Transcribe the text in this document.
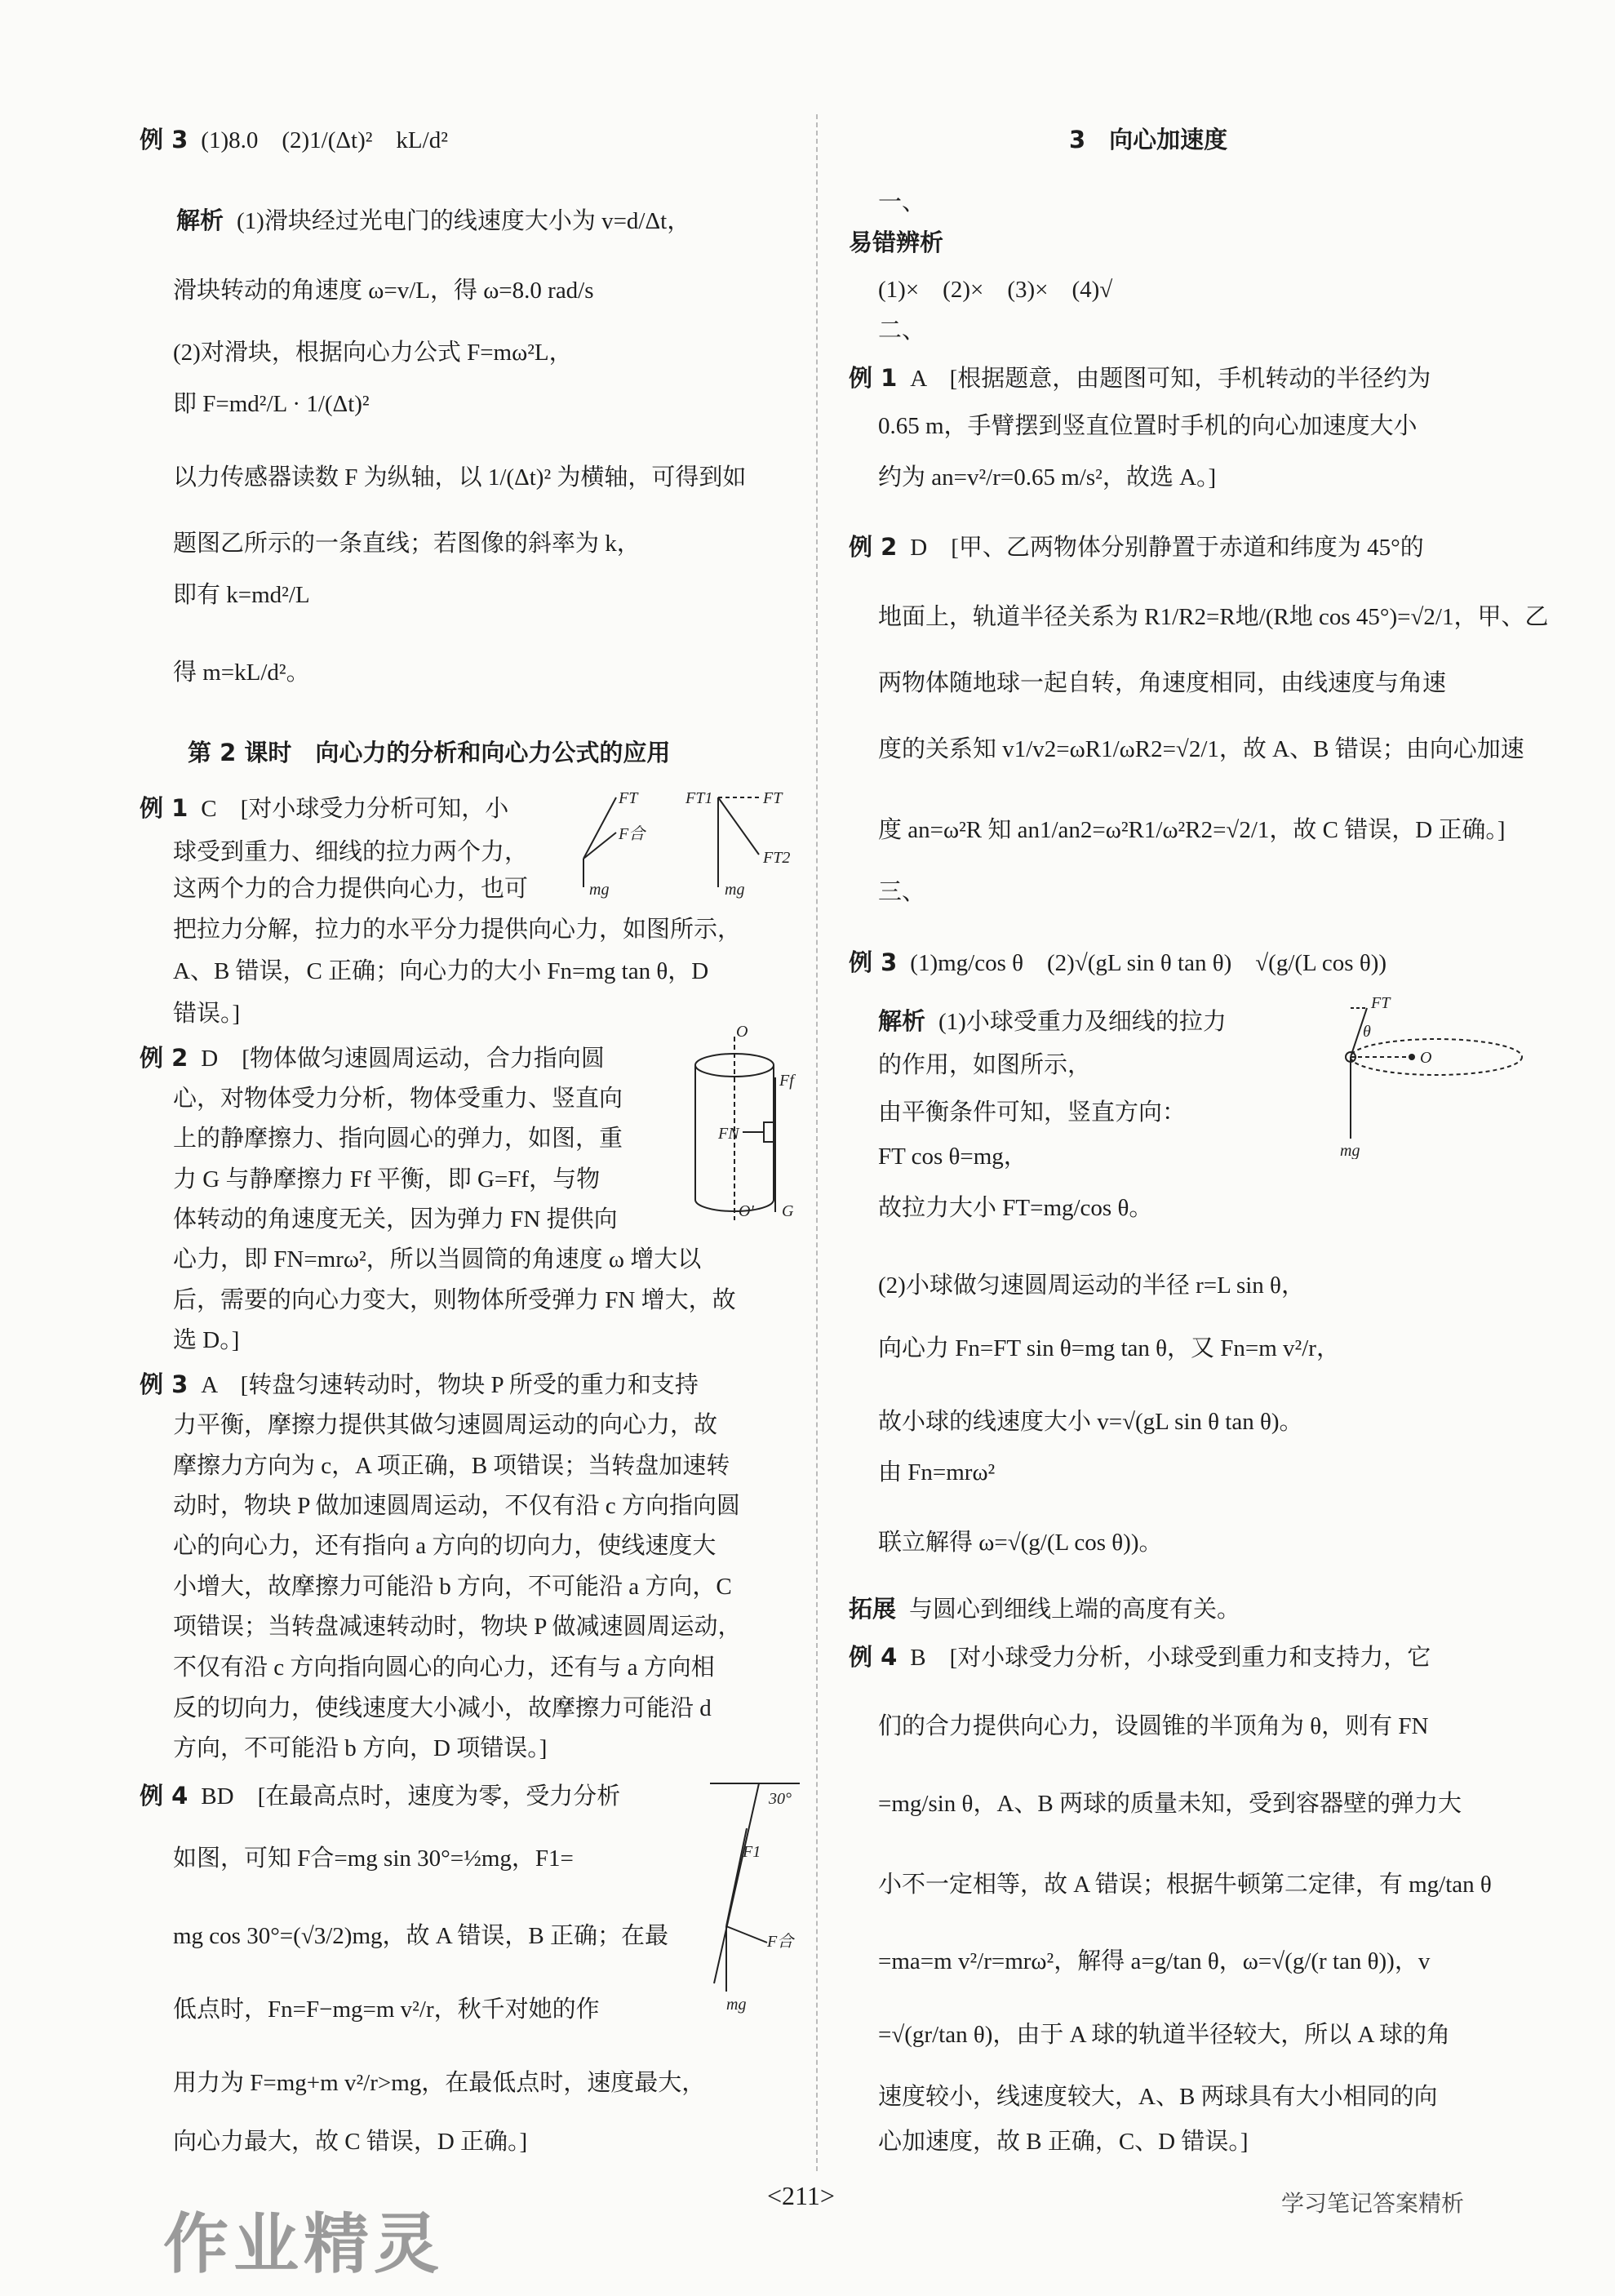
例 3 (1)8.0　(2)1/(Δt)²　kL/d²
解析 (1)滑块经过光电门的线速度大小为 v=d/Δt，
滑块转动的角速度 ω=v/L，得 ω=8.0 rad/s
(2)对滑块，根据向心力公式 F=mω²L，
即 F=md²/L · 1/(Δt)²
以力传感器读数 F 为纵轴，以 1/(Δt)² 为横轴，可得到如
题图乙所示的一条直线；若图像的斜率为 k，
即有 k=md²/L
得 m=kL/d²。
第 2 课时　向心力的分析和向心力公式的应用
例 1 C　[对小球受力分析可知，小
球受到重力、细线的拉力两个力，
这两个力的合力提供向心力，也可
把拉力分解，拉力的水平分力提供向心力，如图所示，
A、B 错误，C 正确；向心力的大小 Fn=mg tan θ，D
错误。]
例 2 D　[物体做匀速圆周运动，合力指向圆
心，对物体受力分析，物体受重力、竖直向
上的静摩擦力、指向圆心的弹力，如图，重
力 G 与静摩擦力 Ff 平衡，即 G=Ff，与物
体转动的角速度无关，因为弹力 FN 提供向
心力，即 FN=mrω²，所以当圆筒的角速度 ω 增大以
后，需要的向心力变大，则物体所受弹力 FN 增大，故
选 D。]
例 3 A　[转盘匀速转动时，物块 P 所受的重力和支持
力平衡，摩擦力提供其做匀速圆周运动的向心力，故
摩擦力方向为 c，A 项正确，B 项错误；当转盘加速转
动时，物块 P 做加速圆周运动，不仅有沿 c 方向指向圆
心的向心力，还有指向 a 方向的切向力，使线速度大
小增大，故摩擦力可能沿 b 方向，不可能沿 a 方向，C
项错误；当转盘减速转动时，物块 P 做减速圆周运动，
不仅有沿 c 方向指向圆心的向心力，还有与 a 方向相
反的切向力，使线速度大小减小，故摩擦力可能沿 d
方向，不可能沿 b 方向，D 项错误。]
例 4 BD　[在最高点时，速度为零，受力分析
如图，可知 F合=mg sin 30°=½mg，F1=
mg cos 30°=(√3/2)mg，故 A 错误，B 正确；在最
低点时，Fn=F−mg=m v²/r，秋千对她的作
用力为 F=mg+m v²/r>mg，在最低点时，速度最大，
向心力最大，故 C 错误，D 正确。]
3　向心加速度
一、
易错辨析
(1)×　(2)×　(3)×　(4)√
二、
例 1 A　[根据题意，由题图可知，手机转动的半径约为
0.65 m，手臂摆到竖直位置时手机的向心加速度大小
约为 an=v²/r=0.65 m/s²，故选 A。]
例 2 D　[甲、乙两物体分别静置于赤道和纬度为 45°的
地面上，轨道半径关系为 R1/R2=R地/(R地 cos 45°)=√2/1，甲、乙
两物体随地球一起自转，角速度相同，由线速度与角速
度的关系知 v1/v2=ωR1/ωR2=√2/1，故 A、B 错误；由向心加速
度 an=ω²R 知 an1/an2=ω²R1/ω²R2=√2/1，故 C 错误，D 正确。]
三、
例 3 (1)mg/cos θ　(2)√(gL sin θ tan θ)　√(g/(L cos θ))
解析 (1)小球受重力及细线的拉力
的作用，如图所示，
由平衡条件可知，竖直方向：
FT cos θ=mg，
故拉力大小 FT=mg/cos θ。
(2)小球做匀速圆周运动的半径 r=L sin θ，
向心力 Fn=FT sin θ=mg tan θ，又 Fn=m v²/r，
故小球的线速度大小 v=√(gL sin θ tan θ)。
由 Fn=mrω²
联立解得 ω=√(g/(L cos θ))。
拓展 与圆心到细线上端的高度有关。
例 4 B　[对小球受力分析，小球受到重力和支持力，它
们的合力提供向心力，设圆锥的半顶角为 θ，则有 FN
=mg/sin θ，A、B 两球的质量未知，受到容器壁的弹力大
小不一定相等，故 A 错误；根据牛顿第二定律，有 mg/tan θ
=ma=m v²/r=mrω²，解得 a=g/tan θ，ω=√(g/(r tan θ))，v
=√(gr/tan θ)，由于 A 球的轨道半径较大，所以 A 球的角
速度较小，线速度较大，A、B 两球具有大小相同的向
心加速度，故 B 正确，C、D 错误。]
FT
F合
mg
FT1	FT
FT2
mg
O
Ff
FN
O' G
30°
F1
F合
mg
FT
θ
O
mg
作业精灵
<211>	学习笔记答案精析
